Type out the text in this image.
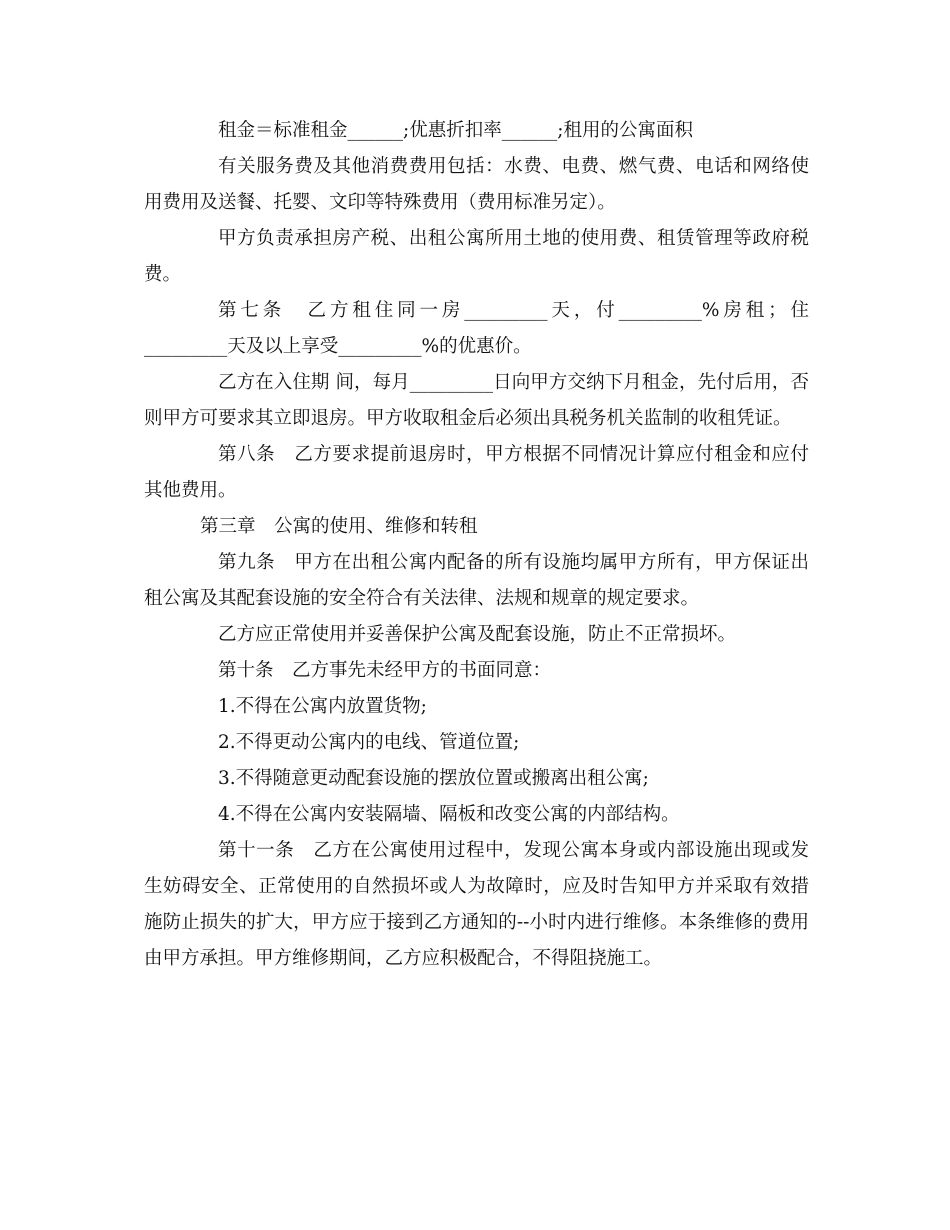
租金＝标准租金______;优惠折扣率______;租用的公寓面积

有关服务费及其他消费费用包括：水费、电费、燃气费、电话和网络使用费用及送餐、托婴、文印等特殊费用（费用标准另定）。

甲方负责承担房产税、出租公寓所用土地的使用费、租赁管理等政府税费。

第七条　乙方租住同一房_________天，付_________%房租；住_________天及以上享受_________%的优惠价。

乙方在入住期 间，每月_________日向甲方交纳下月租金，先付后用，否则甲方可要求其立即退房。甲方收取租金后必须出具税务机关监制的收租凭证。

第八条　乙方要求提前退房时，甲方根据不同情况计算应付租金和应付其他费用。

第三章　公寓的使用、维修和转租

第九条　甲方在出租公寓内配备的所有设施均属甲方所有，甲方保证出租公寓及其配套设施的安全符合有关法律、法规和规章的规定要求。

乙方应正常使用并妥善保护公寓及配套设施，防止不正常损坏。

第十条　乙方事先未经甲方的书面同意：

1.不得在公寓内放置货物;

2.不得更动公寓内的电线、管道位置;

3.不得随意更动配套设施的摆放位置或搬离出租公寓;

4.不得在公寓内安装隔墙、隔板和改变公寓的内部结构。

第十一条　乙方在公寓使用过程中，发现公寓本身或内部设施出现或发生妨碍安全、正常使用的自然损坏或人为故障时，应及时告知甲方并采取有效措施防止损失的扩大，甲方应于接到乙方通知的--小时内进行维修。本条维修的费用由甲方承担。甲方维修期间，乙方应积极配合，不得阻挠施工。
